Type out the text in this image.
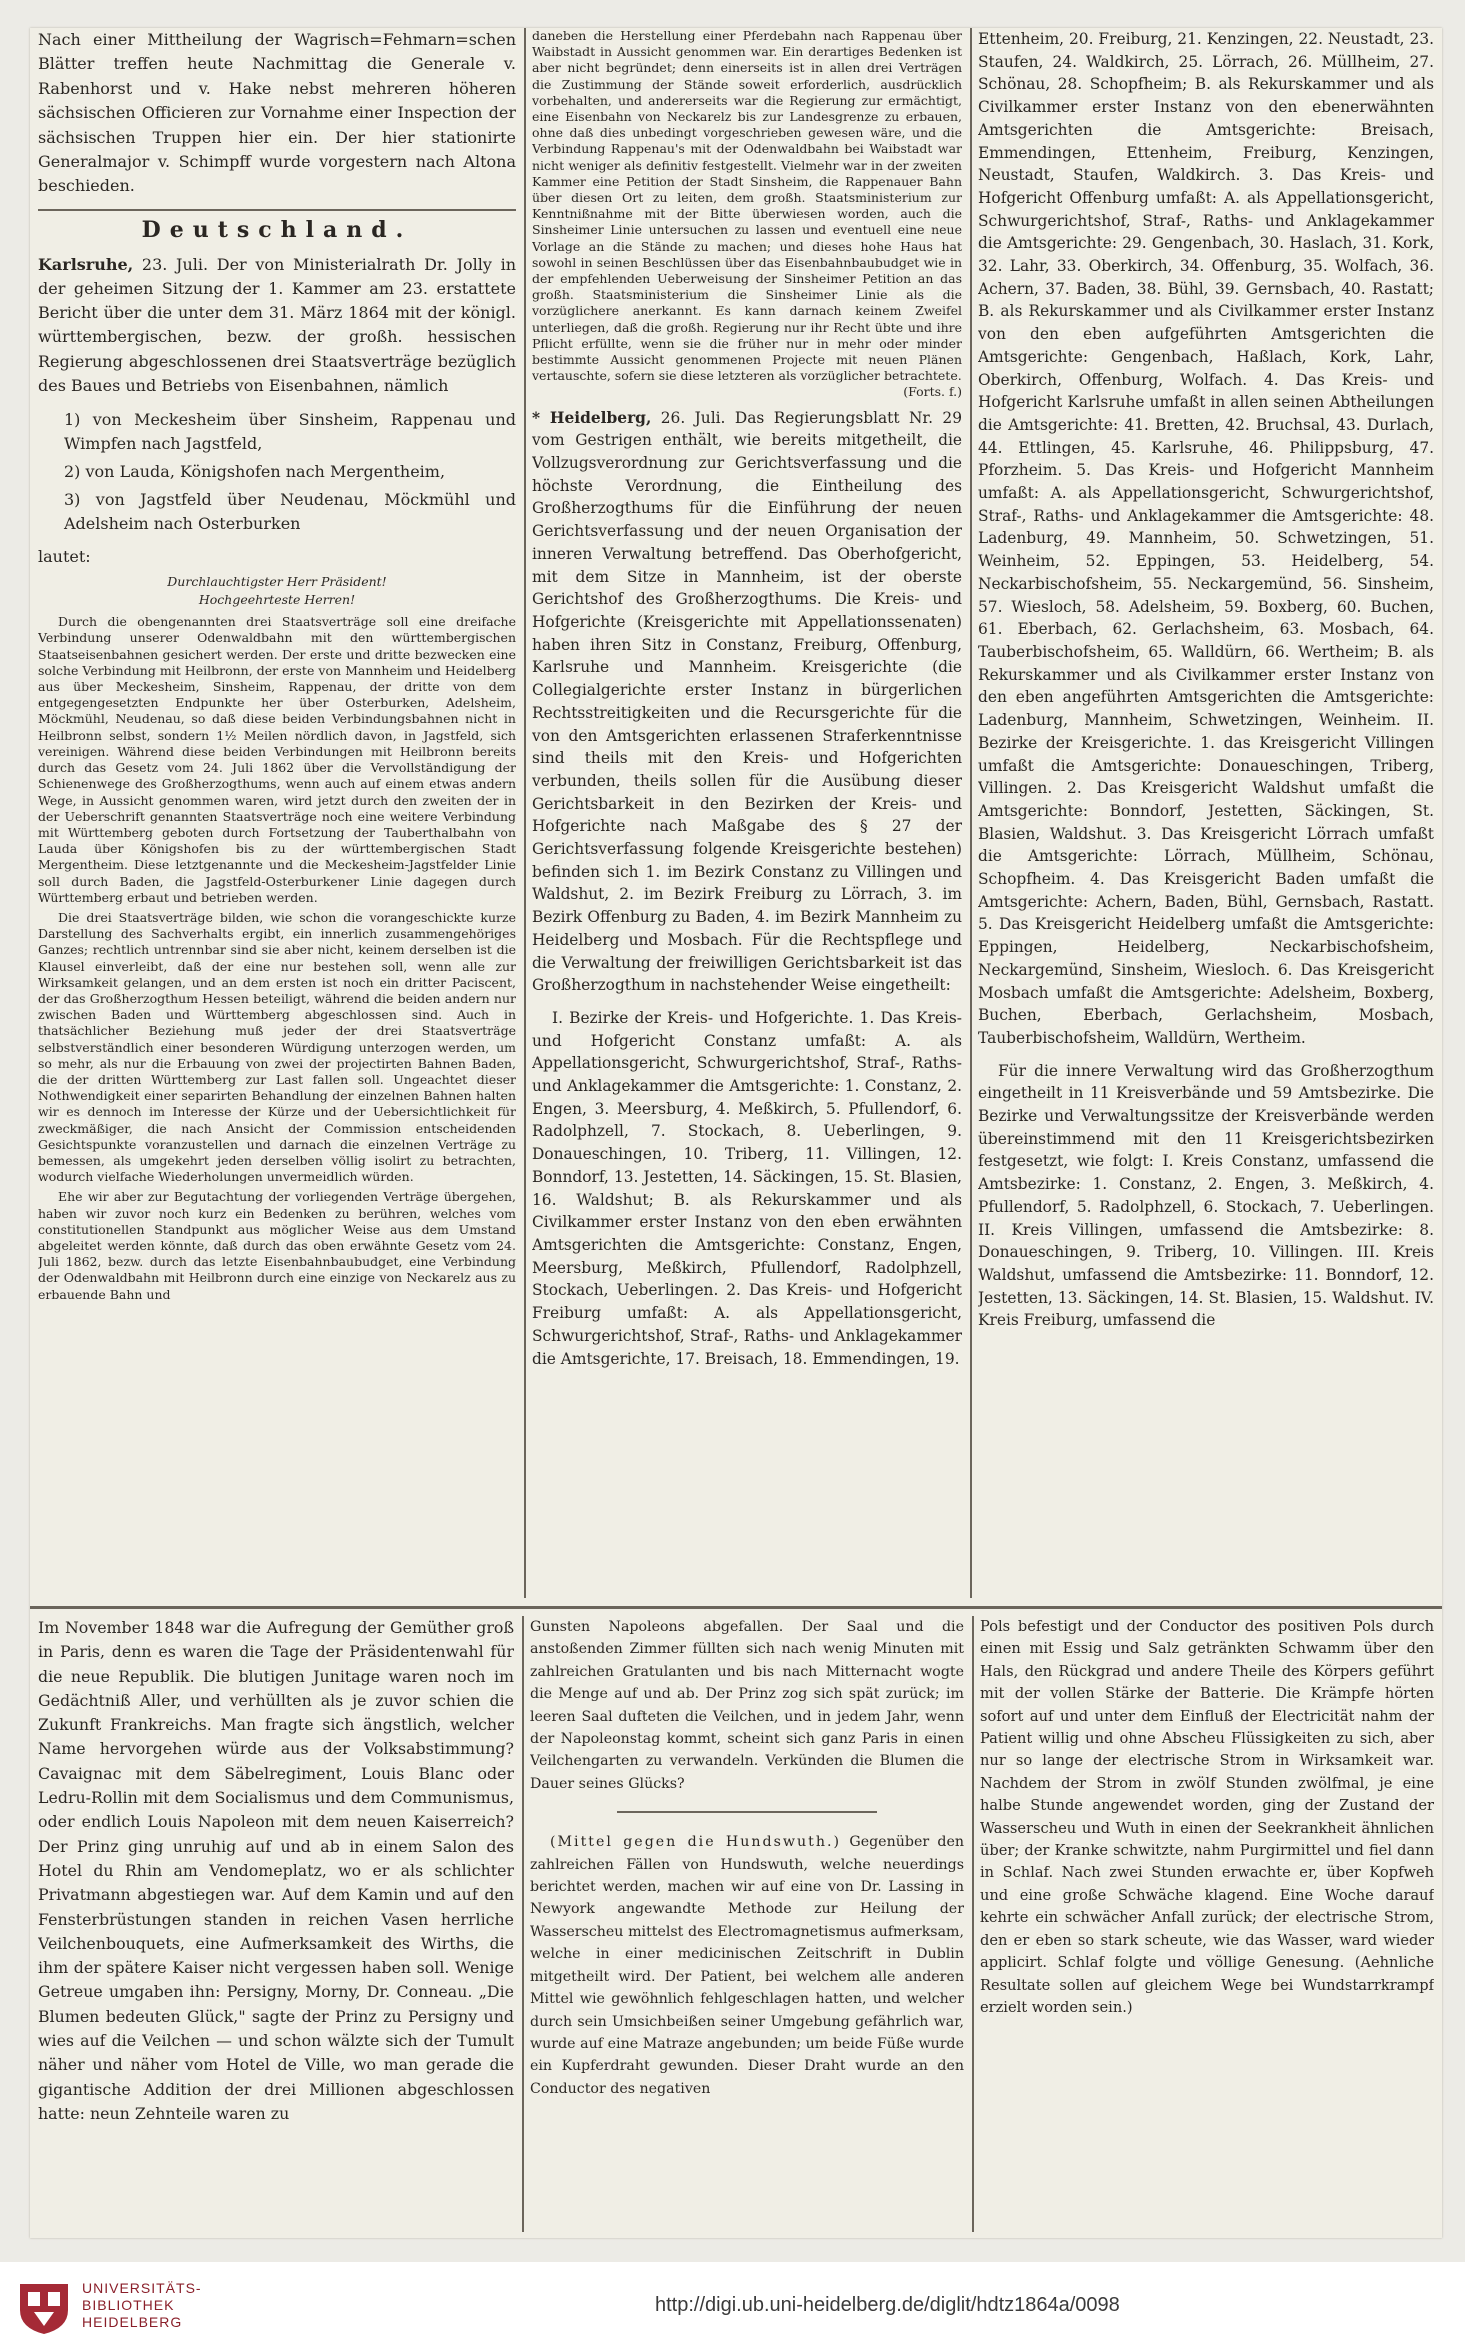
Nach einer Mittheilung der Wagrisch=Fehmarn=schen Blätter treffen heute Nachmittag die Generale v. Rabenhorst und v. Hake nebst mehreren höheren sächsischen Officieren zur Vornahme einer Inspection der sächsischen Truppen hier ein. Der hier stationirte Generalmajor v. Schimpff wurde vorgestern nach Altona beschieden.

Deutschland.

Karlsruhe, 23. Juli. Der von Ministerialrath Dr. Jolly in der geheimen Sitzung der 1. Kammer am 23. erstattete Bericht über die unter dem 31. März 1864 mit der königl. württembergischen, bezw. der großh. hessischen Regierung abgeschlossenen drei Staatsverträge bezüglich des Baues und Betriebs von Eisenbahnen, nämlich

1) von Meckesheim über Sinsheim, Rappenau und Wimpfen nach Jagstfeld,
2) von Lauda, Königshofen nach Mergentheim,
3) von Jagstfeld über Neudenau, Möckmühl und Adelsheim nach Osterburken

lautet:

Durchlauchtigster Herr Präsident!
Hochgeehrteste Herren!

Durch die obengenannten drei Staatsverträge soll eine dreifache Verbindung unserer Odenwaldbahn mit den württembergischen Staatseisenbahnen gesichert werden. Der erste und dritte bezwecken eine solche Verbindung mit Heilbronn, der erste von Mannheim und Heidelberg aus über Meckesheim, Sinsheim, Rappenau, der dritte von dem entgegengesetzten Endpunkte her über Osterburken, Adelsheim, Möckmühl, Neudenau, so daß diese beiden Verbindungsbahnen nicht in Heilbronn selbst, sondern 1½ Meilen nördlich davon, in Jagstfeld, sich vereinigen. Während diese beiden Verbindungen mit Heilbronn bereits durch das Gesetz vom 24. Juli 1862 über die Vervollständigung der Schienenwege des Großherzogthums, wenn auch auf einem etwas andern Wege, in Aussicht genommen waren, wird jetzt durch den zweiten der in der Ueberschrift genannten Staatsverträge noch eine weitere Verbindung mit Württemberg geboten durch Fortsetzung der Tauberthalbahn von Lauda über Königshofen bis zu der württembergischen Stadt Mergentheim. Diese letztgenannte und die Meckesheim-Jagstfelder Linie soll durch Baden, die Jagstfeld-Osterburkener Linie dagegen durch Württemberg erbaut und betrieben werden.

Die drei Staatsverträge bilden, wie schon die vorangeschickte kurze Darstellung des Sachverhalts ergibt, ein innerlich zusammengehöriges Ganzes; rechtlich untrennbar sind sie aber nicht, keinem derselben ist die Klausel einverleibt, daß der eine nur bestehen soll, wenn alle zur Wirksamkeit gelangen, und an dem ersten ist noch ein dritter Paciscent, der das Großherzogthum Hessen beteiligt, während die beiden andern nur zwischen Baden und Württemberg abgeschlossen sind. Auch in thatsächlicher Beziehung muß jeder der drei Staatsverträge selbstverständlich einer besonderen Würdigung unterzogen werden, um so mehr, als nur die Erbauung von zwei der projectirten Bahnen Baden, die der dritten Württemberg zur Last fallen soll. Ungeachtet dieser Nothwendigkeit einer separirten Behandlung der einzelnen Bahnen halten wir es dennoch im Interesse der Kürze und der Uebersichtlichkeit für zweckmäßiger, die nach Ansicht der Commission entscheidenden Gesichtspunkte voranzustellen und darnach die einzelnen Verträge zu bemessen, als umgekehrt jeden derselben völlig isolirt zu betrachten, wodurch vielfache Wiederholungen unvermeidlich würden.

Ehe wir aber zur Begutachtung der vorliegenden Verträge übergehen, haben wir zuvor noch kurz ein Bedenken zu berühren, welches vom constitutionellen Standpunkt aus möglicher Weise aus dem Umstand abgeleitet werden könnte, daß durch das oben erwähnte Gesetz vom 24. Juli 1862, bezw. durch das letzte Eisenbahnbaubudget, eine Verbindung der Odenwaldbahn mit Heilbronn durch eine einzige von Neckarelz aus zu erbauende Bahn und

daneben die Herstellung einer Pferdebahn nach Rappenau über Waibstadt in Aussicht genommen war. Ein derartiges Bedenken ist aber nicht begründet; denn einerseits ist in allen drei Verträgen die Zustimmung der Stände soweit erforderlich, ausdrücklich vorbehalten, und andererseits war die Regierung zur ermächtigt, eine Eisenbahn von Neckarelz bis zur Landesgrenze zu erbauen, ohne daß dies unbedingt vorgeschrieben gewesen wäre, und die Verbindung Rappenau's mit der Odenwaldbahn bei Waibstadt war nicht weniger als definitiv festgestellt. Vielmehr war in der zweiten Kammer eine Petition der Stadt Sinsheim, die Rappenauer Bahn über diesen Ort zu leiten, dem großh. Staatsministerium zur Kenntnißnahme mit der Bitte überwiesen worden, auch die Sinsheimer Linie untersuchen zu lassen und eventuell eine neue Vorlage an die Stände zu machen; und dieses hohe Haus hat sowohl in seinen Beschlüssen über das Eisenbahnbaubudget wie in der empfehlenden Ueberweisung der Sinsheimer Petition an das großh. Staatsministerium die Sinsheimer Linie als die vorzüglichere anerkannt. Es kann darnach keinem Zweifel unterliegen, daß die großh. Regierung nur ihr Recht übte und ihre Pflicht erfüllte, wenn sie die früher nur in mehr oder minder bestimmte Aussicht genommenen Projecte mit neuen Plänen vertauschte, sofern sie diese letzteren als vorzüglicher betrachtete.

(Forts. f.)

* Heidelberg, 26. Juli. Das Regierungsblatt Nr. 29 vom Gestrigen enthält, wie bereits mitgetheilt, die Vollzugsverordnung zur Gerichtsverfassung und die höchste Verordnung, die Eintheilung des Großherzogthums für die Einführung der neuen Gerichtsverfassung und der neuen Organisation der inneren Verwaltung betreffend. Das Oberhofgericht, mit dem Sitze in Mannheim, ist der oberste Gerichtshof des Großherzogthums. Die Kreis- und Hofgerichte (Kreisgerichte mit Appellationssenaten) haben ihren Sitz in Constanz, Freiburg, Offenburg, Karlsruhe und Mannheim. Kreisgerichte (die Collegialgerichte erster Instanz in bürgerlichen Rechtsstreitigkeiten und die Recursgerichte für die von den Amtsgerichten erlassenen Straferkenntnisse sind theils mit den Kreis- und Hofgerichten verbunden, theils sollen für die Ausübung dieser Gerichtsbarkeit in den Bezirken der Kreis- und Hofgerichte nach Maßgabe des § 27 der Gerichtsverfassung folgende Kreisgerichte bestehen) befinden sich 1. im Bezirk Constanz zu Villingen und Waldshut, 2. im Bezirk Freiburg zu Lörrach, 3. im Bezirk Offenburg zu Baden, 4. im Bezirk Mannheim zu Heidelberg und Mosbach. Für die Rechtspflege und die Verwaltung der freiwilligen Gerichtsbarkeit ist das Großherzogthum in nachstehender Weise eingetheilt:

I. Bezirke der Kreis- und Hofgerichte. 1. Das Kreis- und Hofgericht Constanz umfaßt: A. als Appellationsgericht, Schwurgerichtshof, Straf-, Raths- und Anklagekammer die Amtsgerichte: 1. Constanz, 2. Engen, 3. Meersburg, 4. Meßkirch, 5. Pfullendorf, 6. Radolphzell, 7. Stockach, 8. Ueberlingen, 9. Donaueschingen, 10. Triberg, 11. Villingen, 12. Bonndorf, 13. Jestetten, 14. Säckingen, 15. St. Blasien, 16. Waldshut; B. als Rekurskammer und als Civilkammer erster Instanz von den eben erwähnten Amtsgerichten die Amtsgerichte: Constanz, Engen, Meersburg, Meßkirch, Pfullendorf, Radolphzell, Stockach, Ueberlingen. 2. Das Kreis- und Hofgericht Freiburg umfaßt: A. als Appellationsgericht, Schwurgerichtshof, Straf-, Raths- und Anklagekammer die Amtsgerichte, 17. Breisach, 18. Emmendingen, 19.

Ettenheim, 20. Freiburg, 21. Kenzingen, 22. Neustadt, 23. Staufen, 24. Waldkirch, 25. Lörrach, 26. Müllheim, 27. Schönau, 28. Schopfheim; B. als Rekurskammer und als Civilkammer erster Instanz von den ebenerwähnten Amtsgerichten die Amtsgerichte: Breisach, Emmendingen, Ettenheim, Freiburg, Kenzingen, Neustadt, Staufen, Waldkirch. 3. Das Kreis- und Hofgericht Offenburg umfaßt: A. als Appellationsgericht, Schwurgerichtshof, Straf-, Raths- und Anklagekammer die Amtsgerichte: 29. Gengenbach, 30. Haslach, 31. Kork, 32. Lahr, 33. Oberkirch, 34. Offenburg, 35. Wolfach, 36. Achern, 37. Baden, 38. Bühl, 39. Gernsbach, 40. Rastatt; B. als Rekurskammer und als Civilkammer erster Instanz von den eben aufgeführten Amtsgerichten die Amtsgerichte: Gengenbach, Haßlach, Kork, Lahr, Oberkirch, Offenburg, Wolfach. 4. Das Kreis- und Hofgericht Karlsruhe umfaßt in allen seinen Abtheilungen die Amtsgerichte: 41. Bretten, 42. Bruchsal, 43. Durlach, 44. Ettlingen, 45. Karlsruhe, 46. Philippsburg, 47. Pforzheim. 5. Das Kreis- und Hofgericht Mannheim umfaßt: A. als Appellationsgericht, Schwurgerichtshof, Straf-, Raths- und Anklagekammer die Amtsgerichte: 48. Ladenburg, 49. Mannheim, 50. Schwetzingen, 51. Weinheim, 52. Eppingen, 53. Heidelberg, 54. Neckarbischofsheim, 55. Neckargemünd, 56. Sinsheim, 57. Wiesloch, 58. Adelsheim, 59. Boxberg, 60. Buchen, 61. Eberbach, 62. Gerlachsheim, 63. Mosbach, 64. Tauberbischofsheim, 65. Walldürn, 66. Wertheim; B. als Rekurskammer und als Civilkammer erster Instanz von den eben angeführten Amtsgerichten die Amtsgerichte: Ladenburg, Mannheim, Schwetzingen, Weinheim. II. Bezirke der Kreisgerichte. 1. das Kreisgericht Villingen umfaßt die Amtsgerichte: Donaueschingen, Triberg, Villingen. 2. Das Kreisgericht Waldshut umfaßt die Amtsgerichte: Bonndorf, Jestetten, Säckingen, St. Blasien, Waldshut. 3. Das Kreisgericht Lörrach umfaßt die Amtsgerichte: Lörrach, Müllheim, Schönau, Schopfheim. 4. Das Kreisgericht Baden umfaßt die Amtsgerichte: Achern, Baden, Bühl, Gernsbach, Rastatt. 5. Das Kreisgericht Heidelberg umfaßt die Amtsgerichte: Eppingen, Heidelberg, Neckarbischofsheim, Neckargemünd, Sinsheim, Wiesloch. 6. Das Kreisgericht Mosbach umfaßt die Amtsgerichte: Adelsheim, Boxberg, Buchen, Eberbach, Gerlachsheim, Mosbach, Tauberbischofsheim, Walldürn, Wertheim.

Für die innere Verwaltung wird das Großherzogthum eingetheilt in 11 Kreisverbände und 59 Amtsbezirke. Die Bezirke und Verwaltungssitze der Kreisverbände werden übereinstimmend mit den 11 Kreisgerichtsbezirken festgesetzt, wie folgt: I. Kreis Constanz, umfassend die Amtsbezirke: 1. Constanz, 2. Engen, 3. Meßkirch, 4. Pfullendorf, 5. Radolphzell, 6. Stockach, 7. Ueberlingen. II. Kreis Villingen, umfassend die Amtsbezirke: 8. Donaueschingen, 9. Triberg, 10. Villingen. III. Kreis Waldshut, umfassend die Amtsbezirke: 11. Bonndorf, 12. Jestetten, 13. Säckingen, 14. St. Blasien, 15. Waldshut. IV. Kreis Freiburg, umfassend die

Im November 1848 war die Aufregung der Gemüther groß in Paris, denn es waren die Tage der Präsidentenwahl für die neue Republik. Die blutigen Junitage waren noch im Gedächtniß Aller, und verhüllten als je zuvor schien die Zukunft Frankreichs. Man fragte sich ängstlich, welcher Name hervorgehen würde aus der Volksabstimmung? Cavaignac mit dem Säbelregiment, Louis Blanc oder Ledru-Rollin mit dem Socialismus und dem Communismus, oder endlich Louis Napoleon mit dem neuen Kaiserreich? Der Prinz ging unruhig auf und ab in einem Salon des Hotel du Rhin am Vendomeplatz, wo er als schlichter Privatmann abgestiegen war. Auf dem Kamin und auf den Fensterbrüstungen standen in reichen Vasen herrliche Veilchenbouquets, eine Aufmerksamkeit des Wirths, die ihm der spätere Kaiser nicht vergessen haben soll. Wenige Getreue umgaben ihn: Persigny, Morny, Dr. Conneau. „Die Blumen bedeuten Glück," sagte der Prinz zu Persigny und wies auf die Veilchen — und schon wälzte sich der Tumult näher und näher vom Hotel de Ville, wo man gerade die gigantische Addition der drei Millionen abgeschlossen hatte: neun Zehnteile waren zu

Gunsten Napoleons abgefallen. Der Saal und die anstoßenden Zimmer füllten sich nach wenig Minuten mit zahlreichen Gratulanten und bis nach Mitternacht wogte die Menge auf und ab. Der Prinz zog sich spät zurück; im leeren Saal dufteten die Veilchen, und in jedem Jahr, wenn der Napoleonstag kommt, scheint sich ganz Paris in einen Veilchengarten zu verwandeln. Verkünden die Blumen die Dauer seines Glücks?

(Mittel gegen die Hundswuth.) Gegenüber den zahlreichen Fällen von Hundswuth, welche neuerdings berichtet werden, machen wir auf eine von Dr. Lassing in Newyork angewandte Methode zur Heilung der Wasserscheu mittelst des Electromagnetismus aufmerksam, welche in einer medicinischen Zeitschrift in Dublin mitgetheilt wird. Der Patient, bei welchem alle anderen Mittel wie gewöhnlich fehlgeschlagen hatten, und welcher durch sein Umsichbeißen seiner Umgebung gefährlich war, wurde auf eine Matraze angebunden; um beide Füße wurde ein Kupferdraht gewunden. Dieser Draht wurde an den Conductor des negativen

Pols befestigt und der Conductor des positiven Pols durch einen mit Essig und Salz getränkten Schwamm über den Hals, den Rückgrad und andere Theile des Körpers geführt mit der vollen Stärke der Batterie. Die Krämpfe hörten sofort auf und unter dem Einfluß der Electricität nahm der Patient willig und ohne Abscheu Flüssigkeiten zu sich, aber nur so lange der electrische Strom in Wirksamkeit war. Nachdem der Strom in zwölf Stunden zwölfmal, je eine halbe Stunde angewendet worden, ging der Zustand der Wasserscheu und Wuth in einen der Seekrankheit ähnlichen über; der Kranke schwitzte, nahm Purgirmittel und fiel dann in Schlaf. Nach zwei Stunden erwachte er, über Kopfweh und eine große Schwäche klagend. Eine Woche darauf kehrte ein schwächer Anfall zurück; der electrische Strom, den er eben so stark scheute, wie das Wasser, ward wieder applicirt. Schlaf folgte und völlige Genesung. (Aehnliche Resultate sollen auf gleichem Wege bei Wundstarrkrampf erzielt worden sein.)

UNIVERSITÄTS-
BIBLIOTHEK
HEIDELBERG
http://digi.ub.uni-heidelberg.de/diglit/hdtz1864a/0098
